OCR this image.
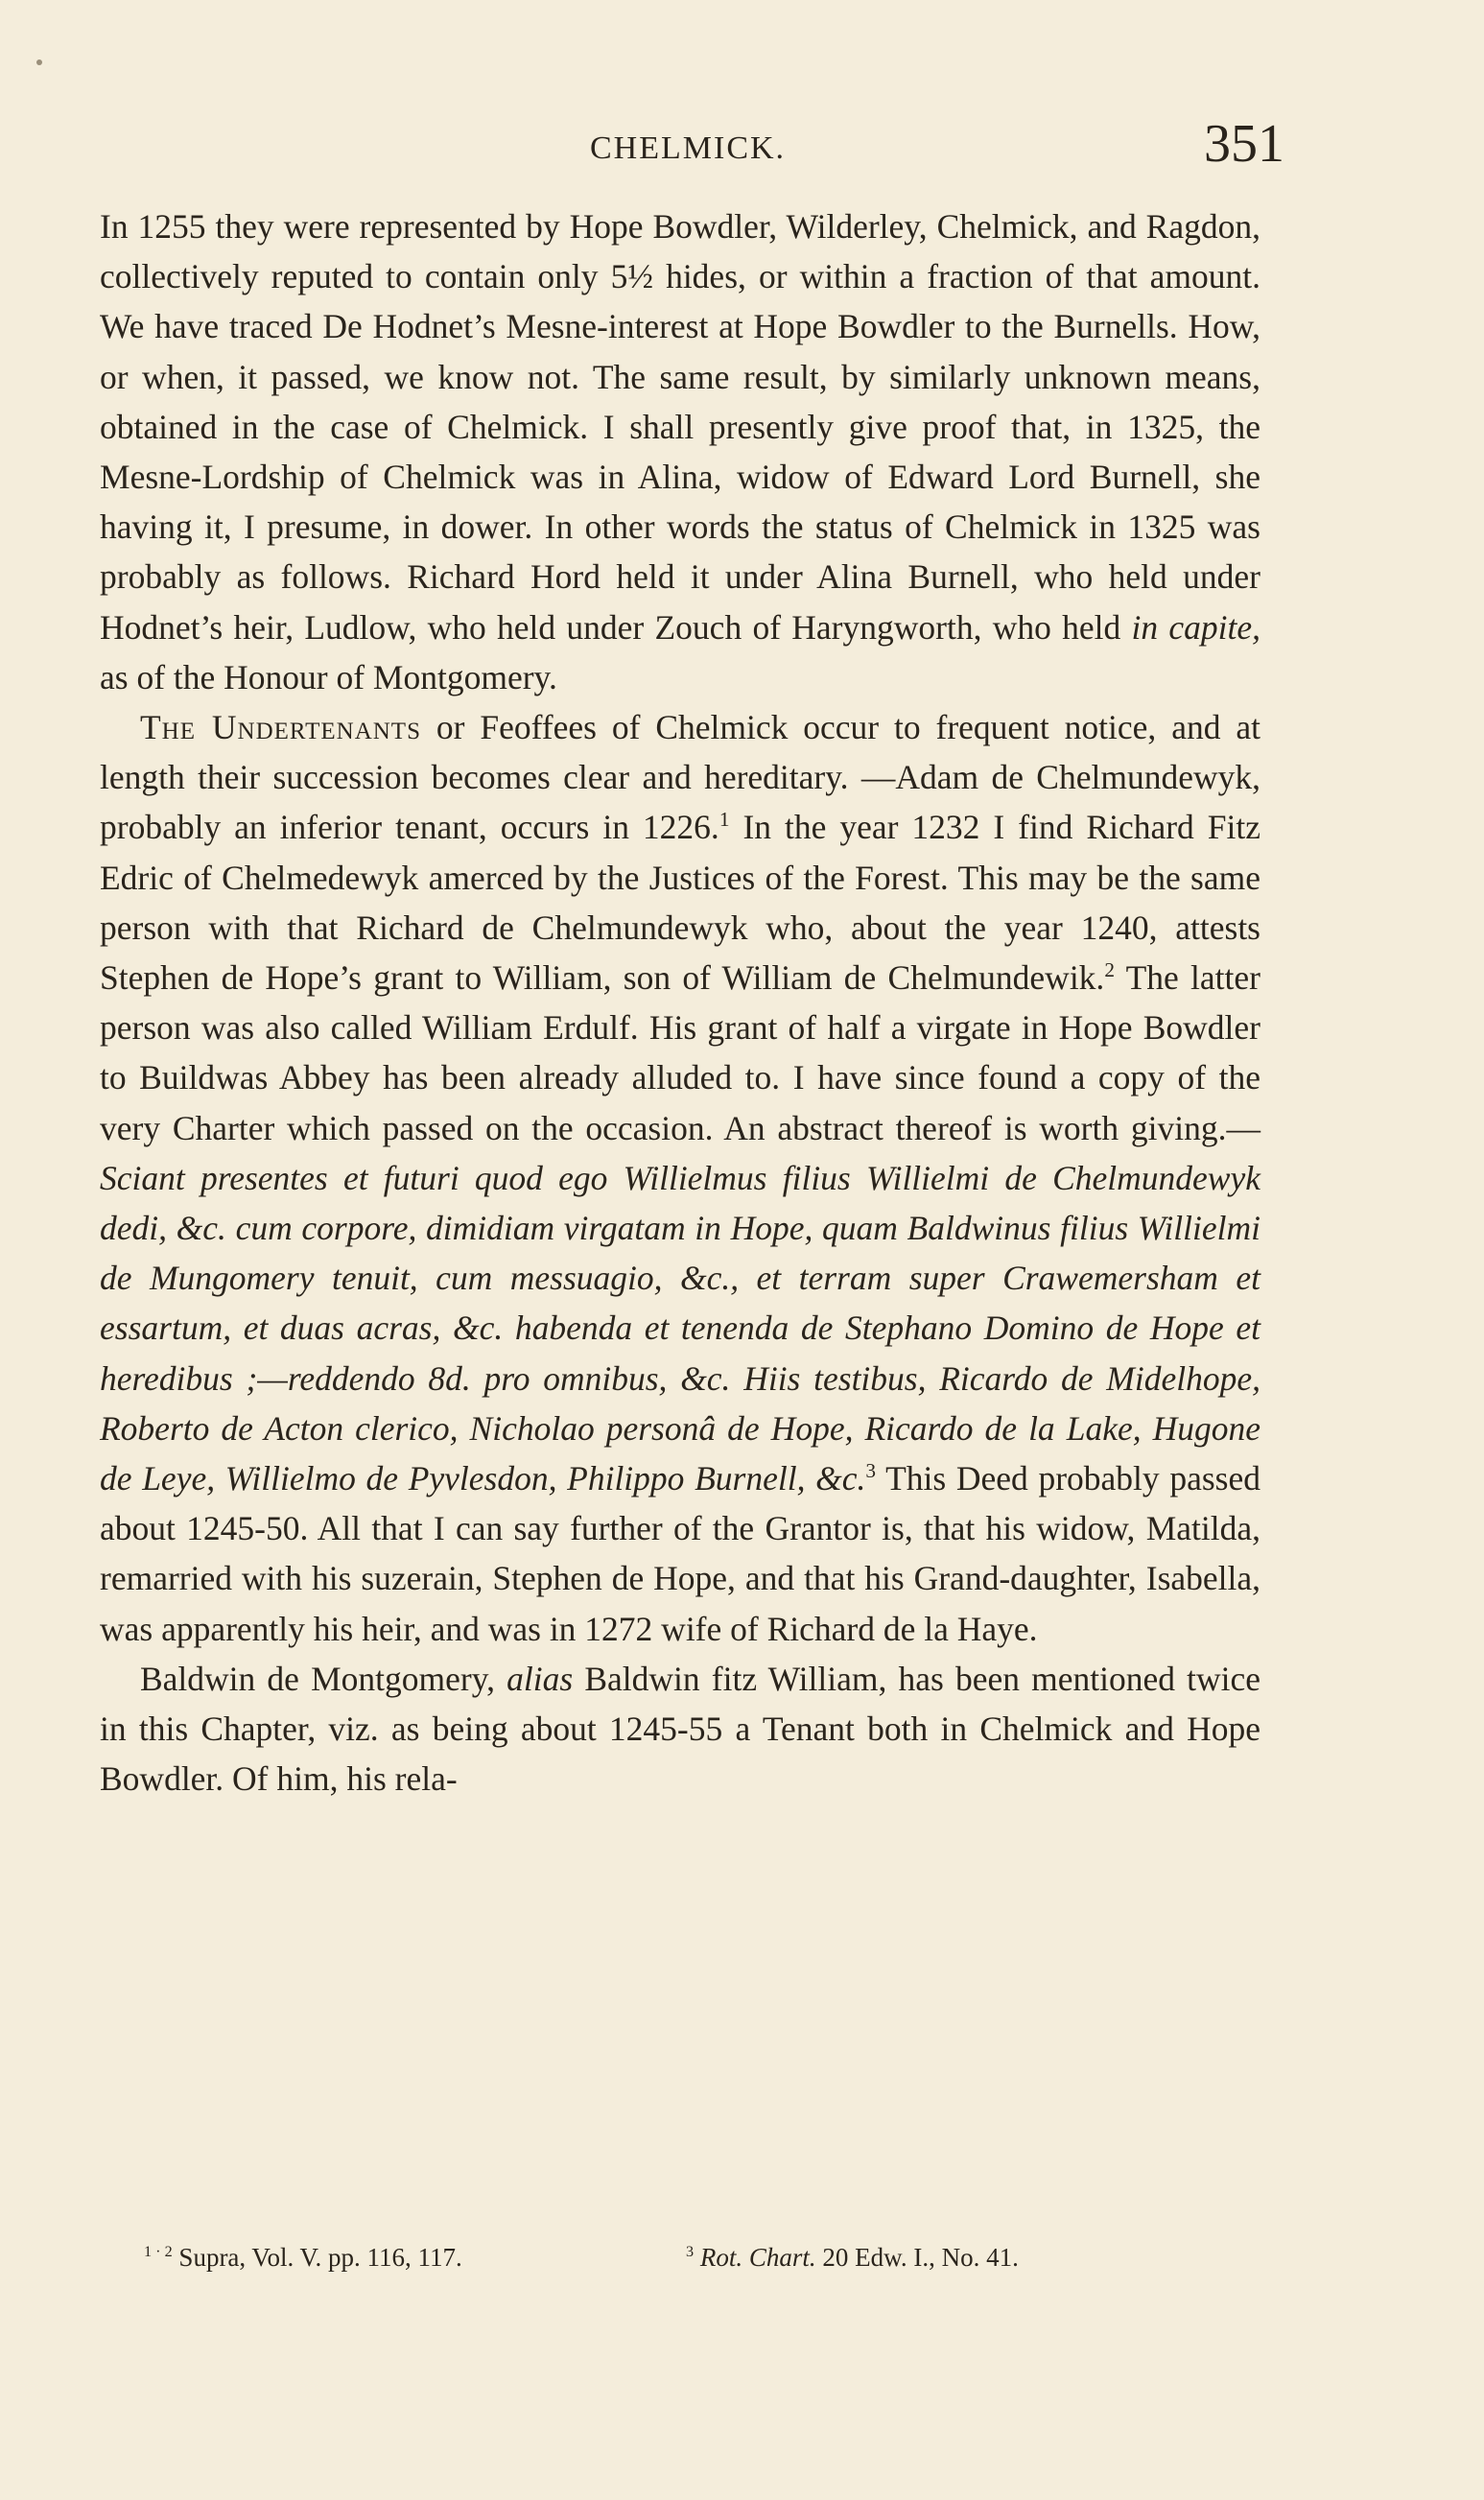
CHELMICK.	351

In 1255 they were represented by Hope Bowdler, Wilderley, Chelmick, and Ragdon, collectively reputed to contain only 5½ hides, or within a fraction of that amount. We have traced De Hodnet’s Mesne-interest at Hope Bowdler to the Burnells. How, or when, it passed, we know not. The same result, by similarly unknown means, obtained in the case of Chelmick. I shall presently give proof that, in 1325, the Mesne-Lordship of Chelmick was in Alina, widow of Edward Lord Burnell, she having it, I presume, in dower. In other words the status of Chelmick in 1325 was probably as follows. Richard Hord held it under Alina Burnell, who held under Hodnet’s heir, Ludlow, who held under Zouch of Haryngworth, who held in capite, as of the Honour of Montgomery.

The Undertenants or Feoffees of Chelmick occur to frequent notice, and at length their succession becomes clear and hereditary. —Adam de Chelmundewyk, probably an inferior tenant, occurs in 1226.$^1$ In the year 1232 I find Richard Fitz Edric of Chelmedewyk amerced by the Justices of the Forest. This may be the same person with that Richard de Chelmundewyk who, about the year 1240, attests Stephen de Hope’s grant to William, son of William de Chelmundewik.$^2$ The latter person was also called William Erdulf. His grant of half a virgate in Hope Bowdler to Buildwas Abbey has been already alluded to. I have since found a copy of the very Charter which passed on the occasion. An abstract thereof is worth giving.—Sciant presentes et futuri quod ego Willielmus filius Willielmi de Chelmundewyk dedi, &c. cum corpore, dimidiam virgatam in Hope, quam Baldwinus filius Willielmi de Mungomery tenuit, cum messuagio, &c., et terram super Crawemersham et essartum, et duas acras, &c. habenda et tenenda de Stephano Domino de Hope et heredibus ;—reddendo 8d. pro omnibus, &c. Hiis testibus, Ricardo de Midelhope, Roberto de Acton clerico, Nicholao personâ de Hope, Ricardo de la Lake, Hugone de Leye, Willielmo de Pyvlesdon, Philippo Burnell, &c.$^3$ This Deed probably passed about 1245-50. All that I can say further of the Grantor is, that his widow, Matilda, remarried with his suzerain, Stephen de Hope, and that his Grand-daughter, Isabella, was apparently his heir, and was in 1272 wife of Richard de la Haye.

Baldwin de Montgomery, alias Baldwin fitz William, has been mentioned twice in this Chapter, viz. as being about 1245-55 a Tenant both in Chelmick and Hope Bowdler. Of him, his rela-

$^{1 \cdot 2}$ Supra, Vol. V. pp. 116, 117.	$^3$ Rot. Chart. 20 Edw. I., No. 41.
